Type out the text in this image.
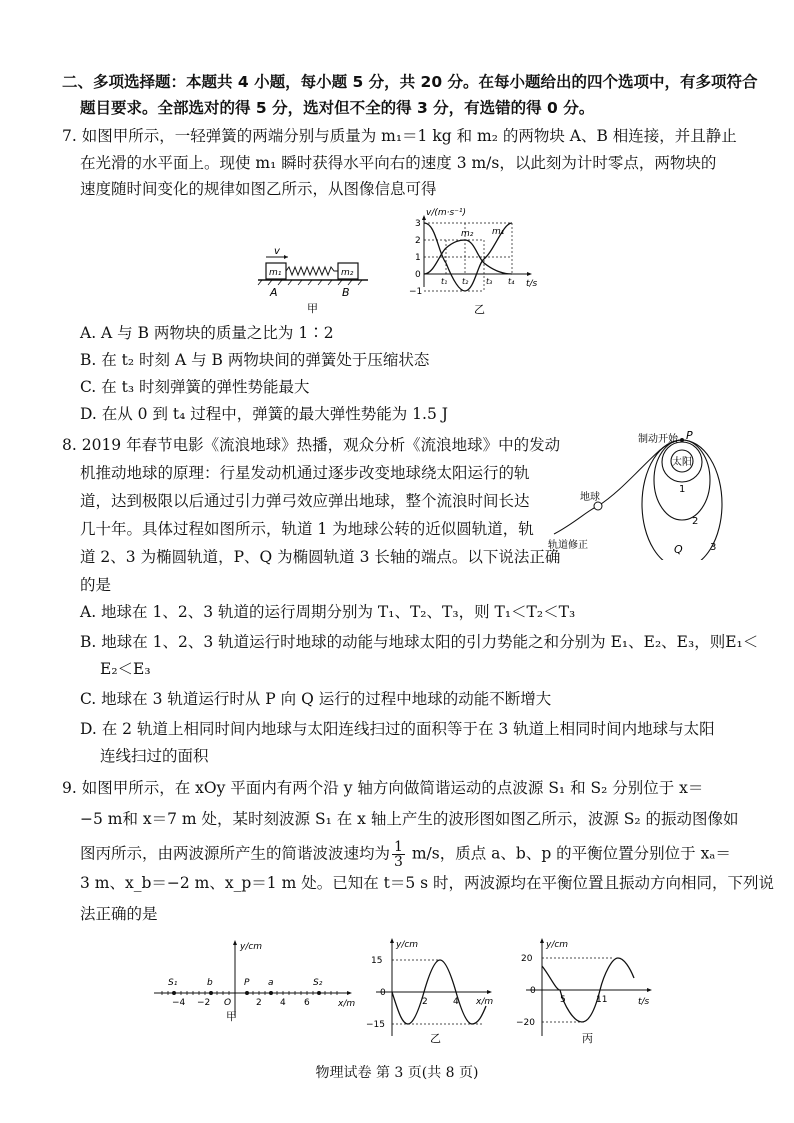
二、多项选择题：本题共 4 小题，每小题 5 分，共 20 分。在每小题给出的四个选项中，有多项符合
题目要求。全部选对的得 5 分，选对但不全的得 3 分，有选错的得 0 分。
7. 如图甲所示，一轻弹簧的两端分别与质量为 m₁＝1 kg 和 m₂ 的两物块 A、B 相连接，并且静止
在光滑的水平面上。现使 m₁ 瞬时获得水平向右的速度 3 m/s，以此刻为计时零点，两物块的
速度随时间变化的规律如图乙所示，从图像信息可得
v
m₁	m₂
A	B
甲
v/(m·s⁻¹)
3
2
1
0
−1
m₂ m₁
t₁ t₂ t₃ t₄ t/s
乙
A. A 与 B 两物块的质量之比为 1∶2
B. 在 t₂ 时刻 A 与 B 两物块间的弹簧处于压缩状态
C. 在 t₃ 时刻弹簧的弹性势能最大
D. 在从 0 到 t₄ 过程中，弹簧的最大弹性势能为 1.5 J
8. 2019 年春节电影《流浪地球》热播，观众分析《流浪地球》中的发动
机推动地球的原理：行星发动机通过逐步改变地球绕太阳运行的轨
道，达到极限以后通过引力弹弓效应弹出地球，整个流浪时间长达
几十年。具体过程如图所示，轨道 1 为地球公转的近似圆轨道，轨
道 2、3 为椭圆轨道，P、Q 为椭圆轨道 3 长轴的端点。以下说法正确
的是
太阳
地球
制动开始 P
Q
轨道修正
1
2
3
A. 地球在 1、2、3 轨道的运行周期分别为 T₁、T₂、T₃，则 T₁＜T₂＜T₃
B. 地球在 1、2、3 轨道运行时地球的动能与地球太阳的引力势能之和分别为 E₁、E₂、E₃，则E₁＜
E₂＜E₃
C. 地球在 3 轨道运行时从 P 向 Q 运行的过程中地球的动能不断增大
D. 在 2 轨道上相同时间内地球与太阳连线扫过的面积等于在 3 轨道上相同时间内地球与太阳
连线扫过的面积
9. 如图甲所示，在 xOy 平面内有两个沿 y 轴方向做简谐运动的点波源 S₁ 和 S₂ 分别位于 x＝
−5 m和 x＝7 m 处，某时刻波源 S₁ 在 x 轴上产生的波形图如图乙所示，波源 S₂ 的振动图像如
图丙所示，由两波源所产生的简谐波波速均为 $\frac{1}{3} m/s$，质点 a、b、p 的平衡位置分别位于 xₐ＝
3 m、x_b＝−2 m、x_p＝1 m 处。已知在 t＝5 s 时，两波源均在平衡位置且振动方向相同，下列说
法正确的是
y/cm
S₁	b	P a	S₂
O	x/m
−4 −2	2 4 6
甲
y/cm
15
0
−15
2	4 x/m
乙
y/cm
20
0
−20
5	11	t/s
丙
物理试卷 第 3 页(共 8 页)
